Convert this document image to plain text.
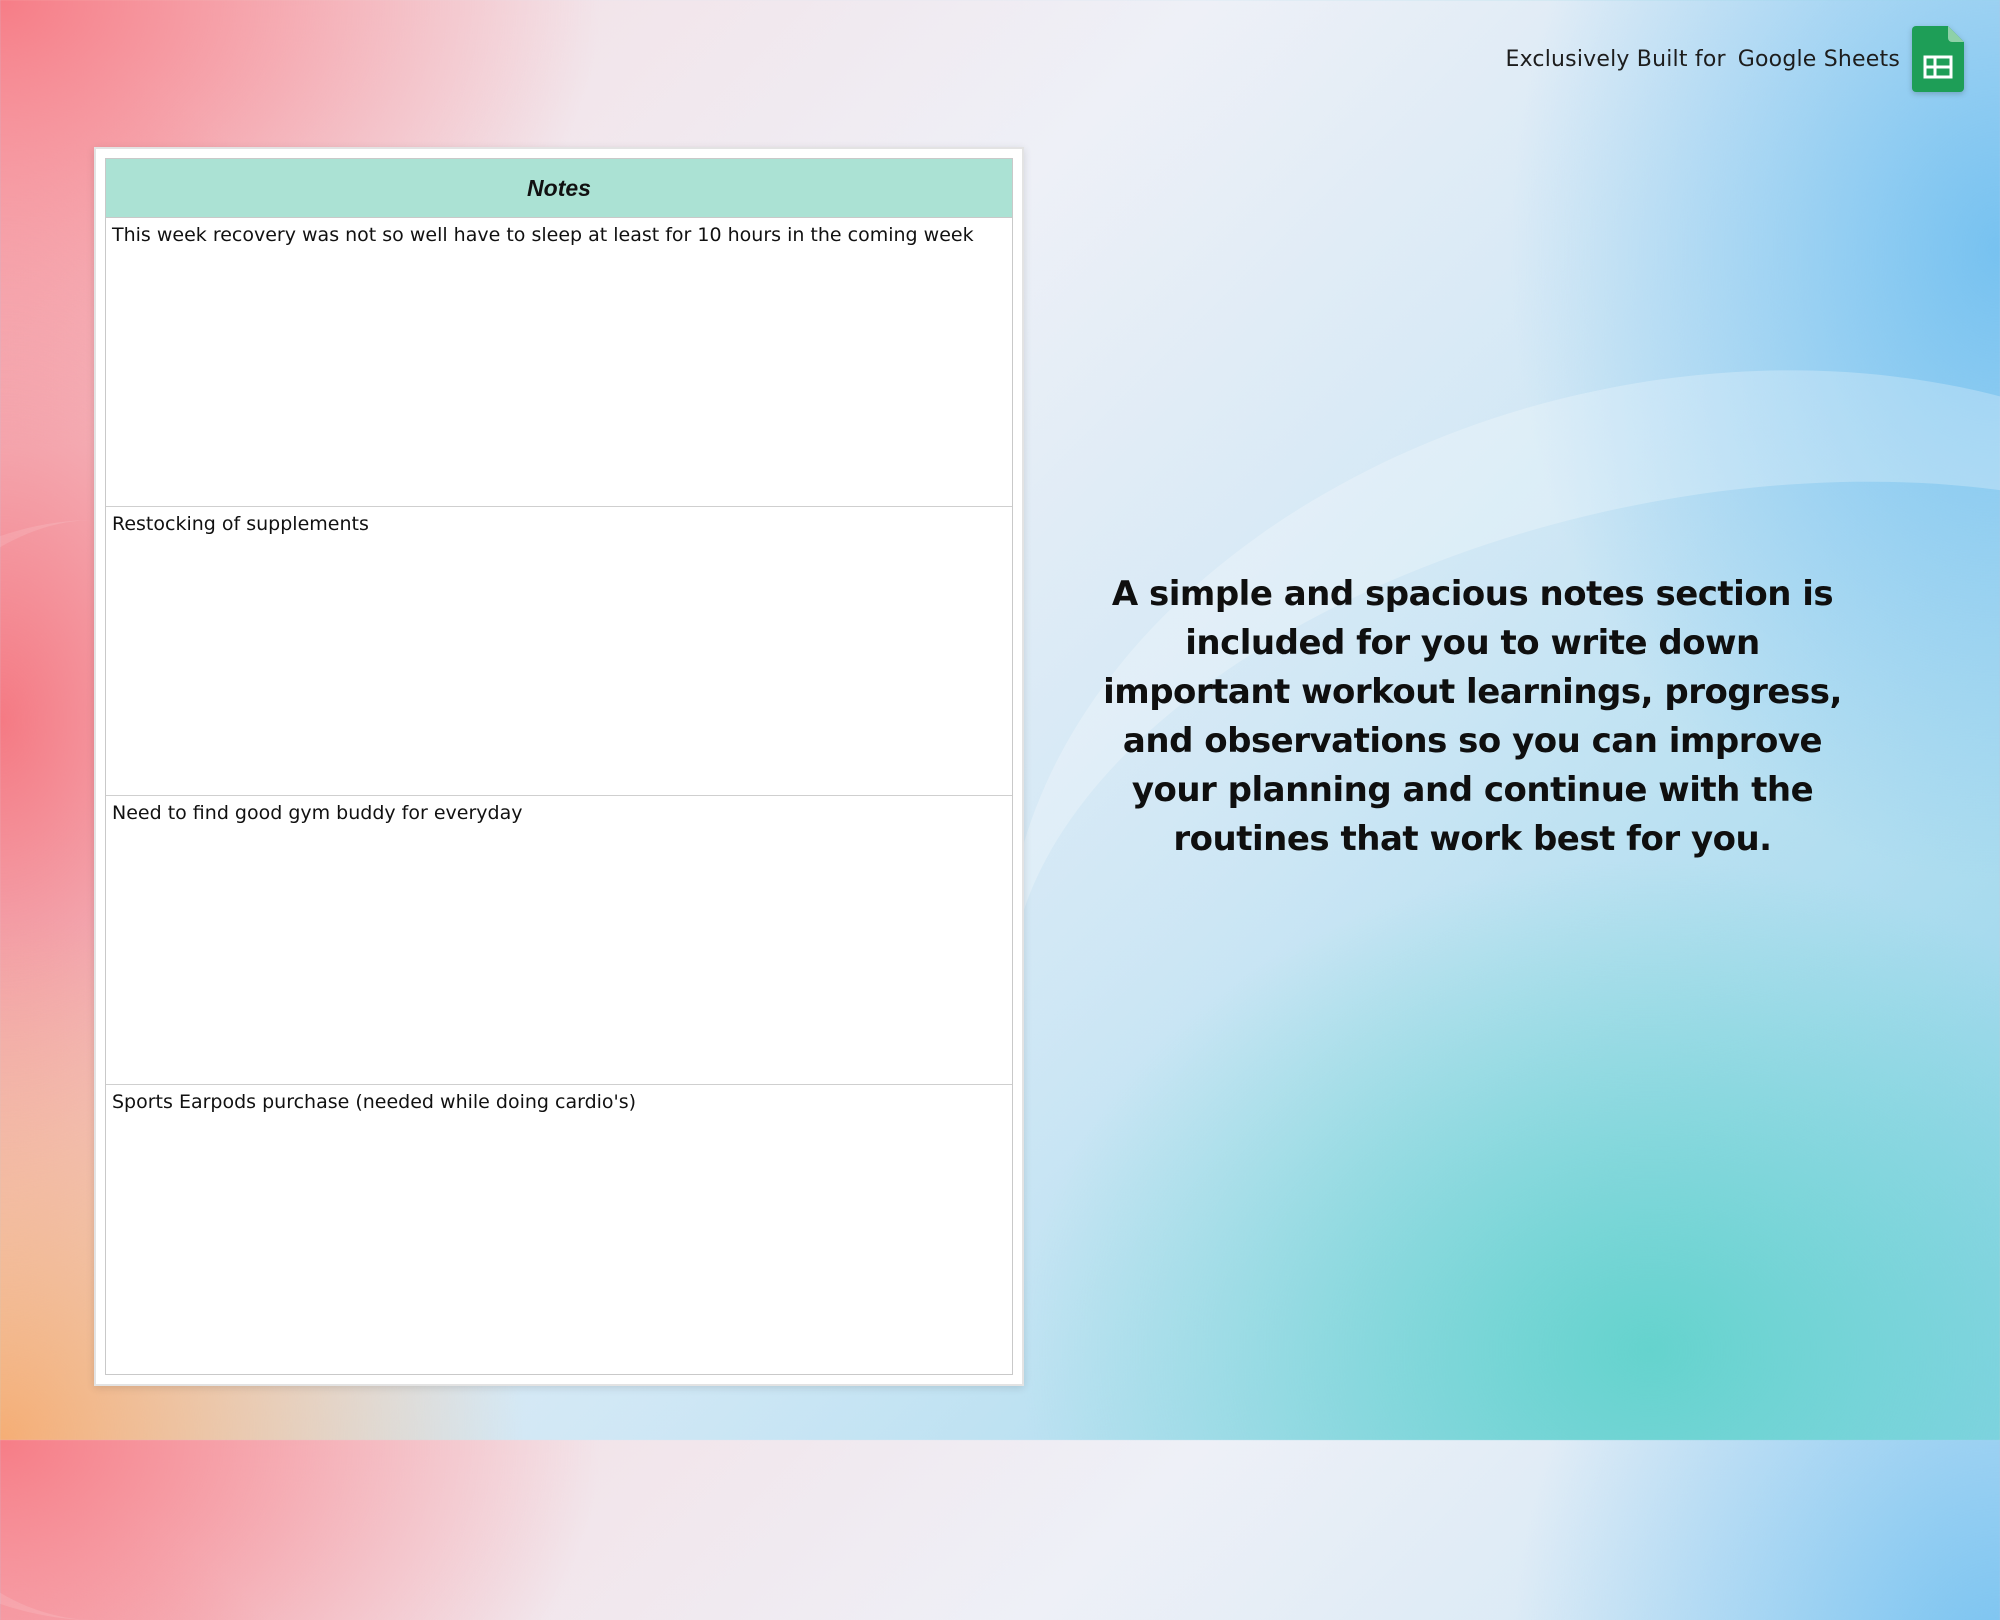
Exclusively Built for Google Sheets
Notes
This week recovery was not so well have to sleep at least for 10 hours in the coming week
Restocking of supplements
Need to find good gym buddy for everyday
Sports Earpods purchase (needed while doing cardio's)
A simple and spacious notes section is included for you to write down important workout learnings, progress, and observations so you can improve your planning and continue with the routines that work best for you.
